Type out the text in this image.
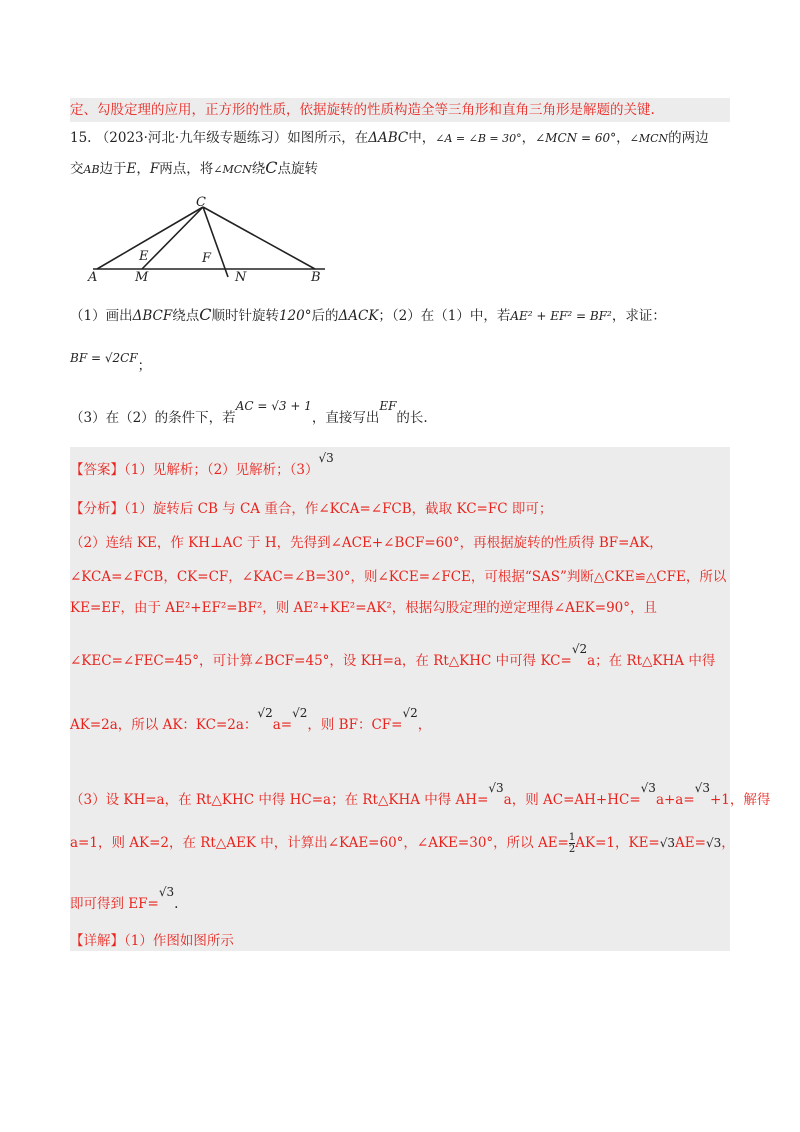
定、勾股定理的应用，正方形的性质，依据旋转的性质构造全等三角形和直角三角形是解题的关键.
15. （2023·河北·九年级专题练习）如图所示，在ΔABC中，∠A = ∠B = 30°，∠MCN = 60°，∠MCN的两边
交AB边于E，F两点，将∠MCN绕C点旋转
C
E	F
A	M	N	B
（1）画出ΔBCF绕点C顺时针旋转120°后的ΔACK；（2）在（1）中，若AE² + EF² = BF²，求证：
BF = √2CF；
（3）在（2）的条件下，若AC = √3 + 1，直接写出EF的长.
【答案】（1）见解析；（2）见解析；（3）√3
【分析】（1）旋转后 CB 与 CA 重合，作∠KCA=∠FCB，截取 KC=FC 即可；
（2）连结 KE，作 KH⊥AC 于 H，先得到∠ACE+∠BCF=60°，再根据旋转的性质得 BF=AK，
∠KCA=∠FCB，CK=CF，∠KAC=∠B=30°，则∠KCE=∠FCE，可根据“SAS”判断△CKE≌△CFE，所以
KE=EF，由于 AE²+EF²=BF²，则 AE²+KE²=AK²，根据勾股定理的逆定理得∠AEK=90°，且
∠KEC=∠FEC=45°，可计算∠BCF=45°，设 KH=a，在 Rt△KHC 中可得 KC=√2a；在 Rt△KHA 中得
AK=2a，所以 AK：KC=2a：√2a=√2，则 BF：CF=√2，
（3）设 KH=a，在 Rt△KHC 中得 HC=a；在 Rt△KHA 中得 AH=√3a，则 AC=AH+HC=√3a+a=√3+1，解得
a=1，则 AK=2，在 Rt△AEK 中，计算出∠KAE=60°，∠AKE=30°，所以 $AE= \frac{1}{2} AK=1$，KE=√3AE=√3，
即可得到 EF=√3.
【详解】（1）作图如图所示
